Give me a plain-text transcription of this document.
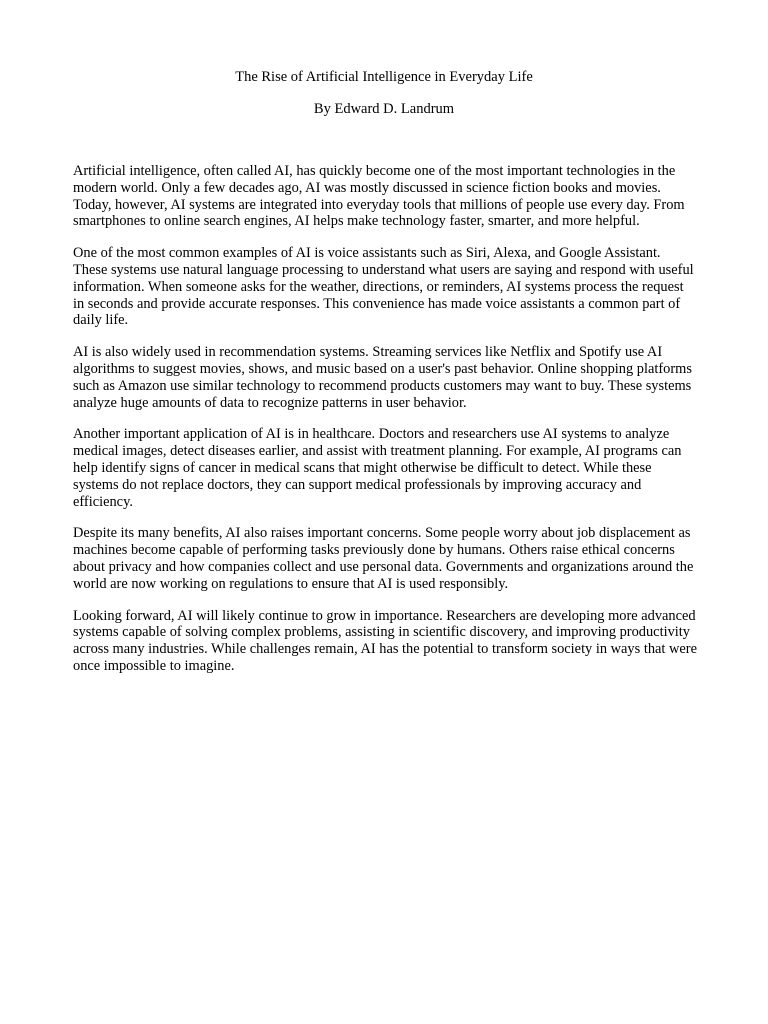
The Rise of Artificial Intelligence in Everyday Life
By Edward D. Landrum

Artificial intelligence, often called AI, has quickly become one of the most important technologies in the modern world. Only a few decades ago, AI was mostly discussed in science fiction books and movies. Today, however, AI systems are integrated into everyday tools that millions of people use every day. From smartphones to online search engines, AI helps make technology faster, smarter, and more helpful.

One of the most common examples of AI is voice assistants such as Siri, Alexa, and Google Assistant. These systems use natural language processing to understand what users are saying and respond with useful information. When someone asks for the weather, directions, or reminders, AI systems process the request in seconds and provide accurate responses. This convenience has made voice assistants a common part of daily life.

AI is also widely used in recommendation systems. Streaming services like Netflix and Spotify use AI algorithms to suggest movies, shows, and music based on a user's past behavior. Online shopping platforms such as Amazon use similar technology to recommend products customers may want to buy. These systems analyze huge amounts of data to recognize patterns in user behavior.

Another important application of AI is in healthcare. Doctors and researchers use AI systems to analyze medical images, detect diseases earlier, and assist with treatment planning. For example, AI programs can help identify signs of cancer in medical scans that might otherwise be difficult to detect. While these systems do not replace doctors, they can support medical professionals by improving accuracy and efficiency.

Despite its many benefits, AI also raises important concerns. Some people worry about job displacement as machines become capable of performing tasks previously done by humans. Others raise ethical concerns about privacy and how companies collect and use personal data. Governments and organizations around the world are now working on regulations to ensure that AI is used responsibly.

Looking forward, AI will likely continue to grow in importance. Researchers are developing more advanced systems capable of solving complex problems, assisting in scientific discovery, and improving productivity across many industries. While challenges remain, AI has the potential to transform society in ways that were once impossible to imagine.
